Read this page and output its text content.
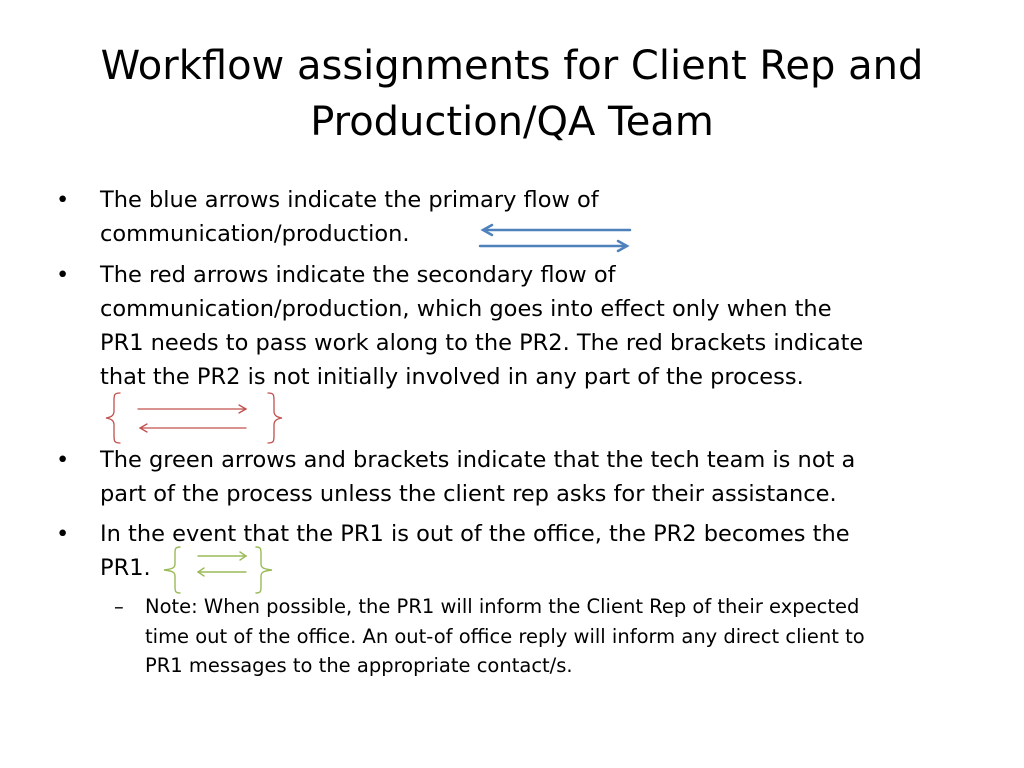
Workflow assignments for Client Rep and
Production/QA Team
• The blue arrows indicate the primary flow of
communication/production.
• The red arrows indicate the secondary flow of
communication/production, which goes into effect only when the
PR1 needs to pass work along to the PR2. The red brackets indicate
that the PR2 is not initially involved in any part of the process.
• The green arrows and brackets indicate that the tech team is not a
part of the process unless the client rep asks for their assistance.
• In the event that the PR1 is out of the office, the PR2 becomes the
PR1.
– Note: When possible, the PR1 will inform the Client Rep of their expected
time out of the office. An out-of office reply will inform any direct client to
PR1 messages to the appropriate contact/s.
